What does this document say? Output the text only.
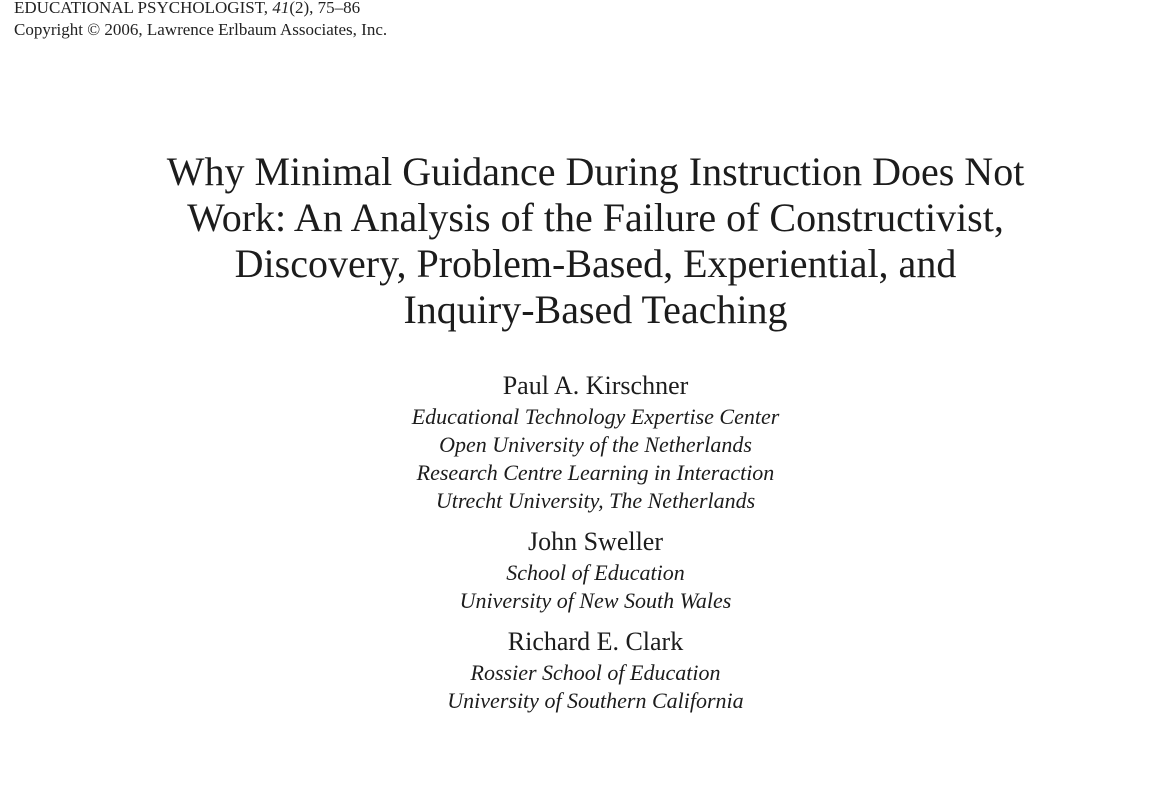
EDUCATIONAL PSYCHOLOGIST, 41(2), 75–86
Copyright © 2006, Lawrence Erlbaum Associates, Inc.
Why Minimal Guidance During Instruction Does Not
Work: An Analysis of the Failure of Constructivist,
Discovery, Problem-Based, Experiential, and
Inquiry-Based Teaching
Paul A. Kirschner
Educational Technology Expertise Center
Open University of the Netherlands
Research Centre Learning in Interaction
Utrecht University, The Netherlands
John Sweller
School of Education
University of New South Wales
Richard E. Clark
Rossier School of Education
University of Southern California
